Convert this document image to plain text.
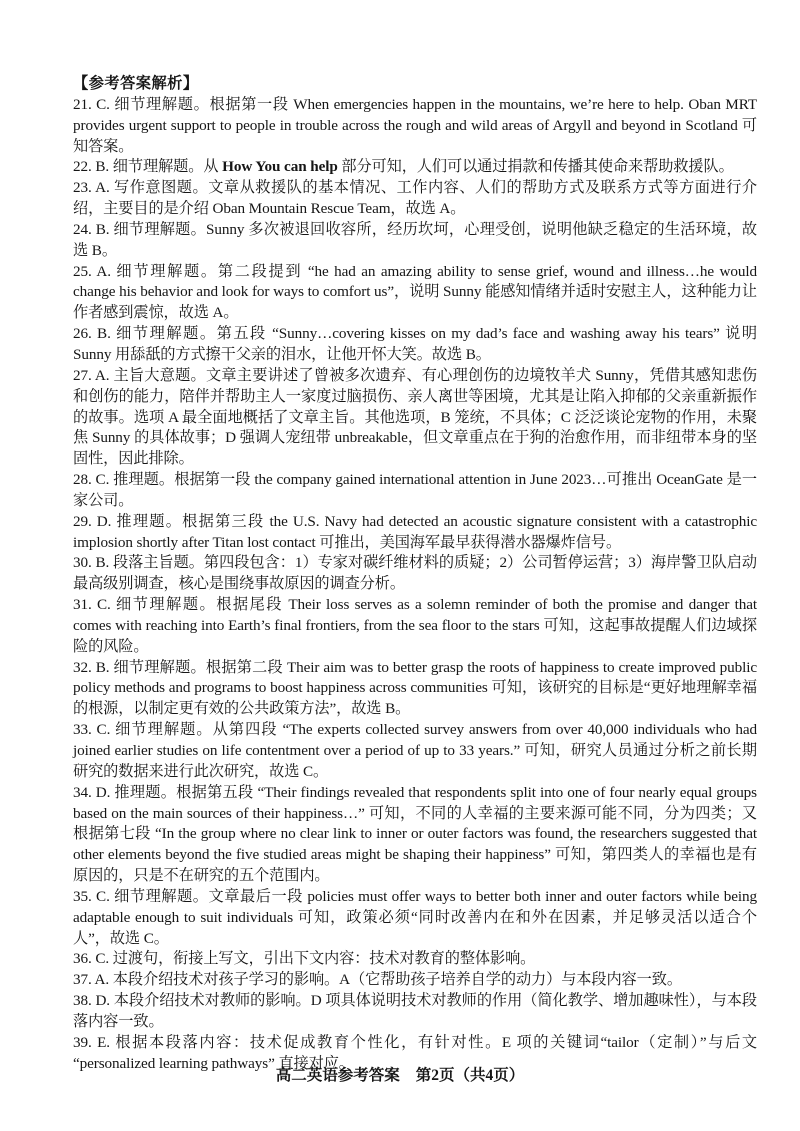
【参考答案解析】

21. C. 细节理解题。根据第一段 When emergencies happen in the mountains, we’re here to help. Oban MRT provides urgent support to people in trouble across the rough and wild areas of Argyll and beyond in Scotland 可知答案。

22. B. 细节理解题。从 How You can help 部分可知，人们可以通过捐款和传播其使命来帮助救援队。

23. A. 写作意图题。文章从救援队的基本情况、工作内容、人们的帮助方式及联系方式等方面进行介绍，主要目的是介绍 Oban Mountain Rescue Team，故选 A。

24. B. 细节理解题。Sunny 多次被退回收容所，经历坎坷，心理受创，说明他缺乏稳定的生活环境，故选 B。

25. A. 细节理解题。第二段提到 “he had an amazing ability to sense grief, wound and illness…he would change his behavior and look for ways to comfort us”，说明 Sunny 能感知情绪并适时安慰主人，这种能力让作者感到震惊，故选 A。

26. B. 细节理解题。第五段 “Sunny…covering kisses on my dad’s face and washing away his tears” 说明 Sunny 用舔舐的方式擦干父亲的泪水，让他开怀大笑。故选 B。

27. A. 主旨大意题。文章主要讲述了曾被多次遗弃、有心理创伤的边境牧羊犬 Sunny，凭借其感知悲伤和创伤的能力，陪伴并帮助主人一家度过脑损伤、亲人离世等困境，尤其是让陷入抑郁的父亲重新振作的故事。选项 A 最全面地概括了文章主旨。其他选项，B 笼统，不具体；C 泛泛谈论宠物的作用，未聚焦 Sunny 的具体故事；D 强调人宠纽带 unbreakable，但文章重点在于狗的治愈作用，而非纽带本身的坚固性，因此排除。

28. C. 推理题。根据第一段 the company gained international attention in June 2023…可推出 OceanGate 是一家公司。

29. D. 推理题。根据第三段 the U.S. Navy had detected an acoustic signature consistent with a catastrophic implosion shortly after Titan lost contact 可推出，美国海军最早获得潜水器爆炸信号。

30. B. 段落主旨题。第四段包含：1）专家对碳纤维材料的质疑；2）公司暂停运营；3）海岸警卫队启动最高级别调查，核心是围绕事故原因的调查分析。

31. C. 细节理解题。根据尾段 Their loss serves as a solemn reminder of both the promise and danger that comes with reaching into Earth’s final frontiers, from the sea floor to the stars 可知，这起事故提醒人们边域探险的风险。

32. B. 细节理解题。根据第二段 Their aim was to better grasp the roots of happiness to create improved public policy methods and programs to boost happiness across communities 可知，该研究的目标是“更好地理解幸福的根源，以制定更有效的公共政策方法”，故选 B。

33. C. 细节理解题。从第四段 “The experts collected survey answers from over 40,000 individuals who had joined earlier studies on life contentment over a period of up to 33 years.” 可知，研究人员通过分析之前长期研究的数据来进行此次研究，故选 C。

34. D. 推理题。根据第五段 “Their findings revealed that respondents split into one of four nearly equal groups based on the main sources of their happiness…” 可知，不同的人幸福的主要来源可能不同，分为四类；又根据第七段 “In the group where no clear link to inner or outer factors was found, the researchers suggested that other elements beyond the five studied areas might be shaping their happiness” 可知，第四类人的幸福也是有原因的，只是不在研究的五个范围内。

35. C. 细节理解题。文章最后一段 policies must offer ways to better both inner and outer factors while being adaptable enough to suit individuals 可知，政策必须“同时改善内在和外在因素，并足够灵活以适合个人”，故选 C。

36. C. 过渡句，衔接上写文，引出下文内容：技术对教育的整体影响。

37. A. 本段介绍技术对孩子学习的影响。A（它帮助孩子培养自学的动力）与本段内容一致。

38. D. 本段介绍技术对教师的影响。D 项具体说明技术对教师的作用（简化教学、增加趣味性），与本段落内容一致。

39. E. 根据本段落内容：技术促成教育个性化，有针对性。E 项的关键词“tailor（定制）”与后文“personalized learning pathways” 直接对应。

高二英语参考答案 第2页（共4页）
